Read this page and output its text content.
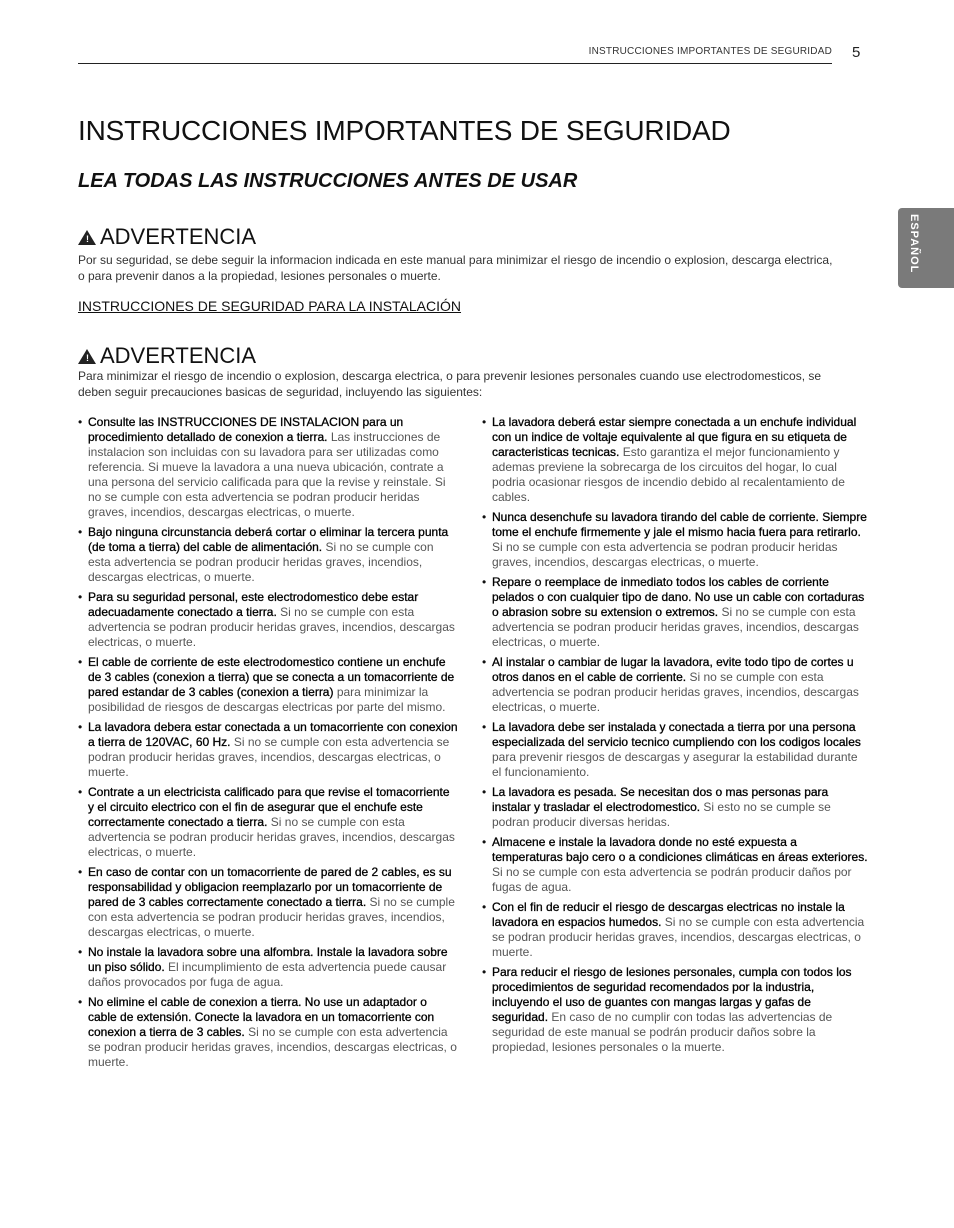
INSTRUCCIONES IMPORTANTES DE SEGURIDAD 5
ESPAÑOL
INSTRUCCIONES IMPORTANTES DE SEGURIDAD
LEA TODAS LAS INSTRUCCIONES ANTES DE USAR
! ADVERTENCIA
Por su seguridad, se debe seguir la informacion indicada en este manual para minimizar el riesgo de incendio o explosion, descarga electrica, o para prevenir danos a la propiedad, lesiones personales o muerte.
INSTRUCCIONES DE SEGURIDAD PARA LA INSTALACIÓN
! ADVERTENCIA
Para minimizar el riesgo de incendio o explosion, descarga electrica, o para prevenir lesiones personales cuando use electrodomesticos, se deben seguir precauciones basicas de seguridad, incluyendo las siguientes:
• Consulte las INSTRUCCIONES DE INSTALACION para un procedimiento detallado de conexion a tierra. Las instrucciones de instalacion son incluidas con su lavadora para ser utilizadas como referencia. Si mueve la lavadora a una nueva ubicación, contrate a una persona del servicio calificada para que la revise y reinstale. Si no se cumple con esta advertencia se podran producir heridas graves, incendios, descargas electricas, o muerte.
• Bajo ninguna circunstancia deberá cortar o eliminar la tercera punta (de toma a tierra) del cable de alimentación. Si no se cumple con esta advertencia se podran producir heridas graves, incendios, descargas electricas, o muerte.
• Para su seguridad personal, este electrodomestico debe estar adecuadamente conectado a tierra. Si no se cumple con esta advertencia se podran producir heridas graves, incendios, descargas electricas, o muerte.
• El cable de corriente de este electrodomestico contiene un enchufe de 3 cables (conexion a tierra) que se conecta a un tomacorriente de pared estandar de 3 cables (conexion a tierra) para minimizar la posibilidad de riesgos de descargas electricas por parte del mismo.
• La lavadora debera estar conectada a un tomacorriente con conexion a tierra de 120VAC, 60 Hz. Si no se cumple con esta advertencia se podran producir heridas graves, incendios, descargas electricas, o muerte.
• Contrate a un electricista calificado para que revise el tomacorriente y el circuito electrico con el fin de asegurar que el enchufe este correctamente conectado a tierra. Si no se cumple con esta advertencia se podran producir heridas graves, incendios, descargas electricas, o muerte.
• En caso de contar con un tomacorriente de pared de 2 cables, es su responsabilidad y obligacion reemplazarlo por un tomacorriente de pared de 3 cables correctamente conectado a tierra. Si no se cumple con esta advertencia se podran producir heridas graves, incendios, descargas electricas, o muerte.
• No instale la lavadora sobre una alfombra. Instale la lavadora sobre un piso sólido. El incumplimiento de esta advertencia puede causar daños provocados por fuga de agua.
• No elimine el cable de conexion a tierra. No use un adaptador o cable de extensión. Conecte la lavadora en un tomacorriente con conexion a tierra de 3 cables. Si no se cumple con esta advertencia se podran producir heridas graves, incendios, descargas electricas, o muerte.
• La lavadora deberá estar siempre conectada a un enchufe individual con un indice de voltaje equivalente al que figura en su etiqueta de caracteristicas tecnicas. Esto garantiza el mejor funcionamiento y ademas previene la sobrecarga de los circuitos del hogar, lo cual podria ocasionar riesgos de incendio debido al recalentamiento de cables.
• Nunca desenchufe su lavadora tirando del cable de corriente. Siempre tome el enchufe firmemente y jale el mismo hacia fuera para retirarlo. Si no se cumple con esta advertencia se podran producir heridas graves, incendios, descargas electricas, o muerte.
• Repare o reemplace de inmediato todos los cables de corriente pelados o con cualquier tipo de dano. No use un cable con cortaduras o abrasion sobre su extension o extremos. Si no se cumple con esta advertencia se podran producir heridas graves, incendios, descargas electricas, o muerte.
• Al instalar o cambiar de lugar la lavadora, evite todo tipo de cortes u otros danos en el cable de corriente. Si no se cumple con esta advertencia se podran producir heridas graves, incendios, descargas electricas, o muerte.
• La lavadora debe ser instalada y conectada a tierra por una persona especializada del servicio tecnico cumpliendo con los codigos locales para prevenir riesgos de descargas y asegurar la estabilidad durante el funcionamiento.
• La lavadora es pesada. Se necesitan dos o mas personas para instalar y trasladar el electrodomestico. Si esto no se cumple se podran producir diversas heridas.
• Almacene e instale la lavadora donde no esté expuesta a temperaturas bajo cero o a condiciones climáticas en áreas exteriores. Si no se cumple con esta advertencia se podrán producir daños por fugas de agua.
• Con el fin de reducir el riesgo de descargas electricas no instale la lavadora en espacios humedos. Si no se cumple con esta advertencia se podran producir heridas graves, incendios, descargas electricas, o muerte.
• Para reducir el riesgo de lesiones personales, cumpla con todos los procedimientos de seguridad recomendados por la industria, incluyendo el uso de guantes con mangas largas y gafas de seguridad. En caso de no cumplir con todas las advertencias de seguridad de este manual se podrán producir daños sobre la propiedad, lesiones personales o la muerte.
